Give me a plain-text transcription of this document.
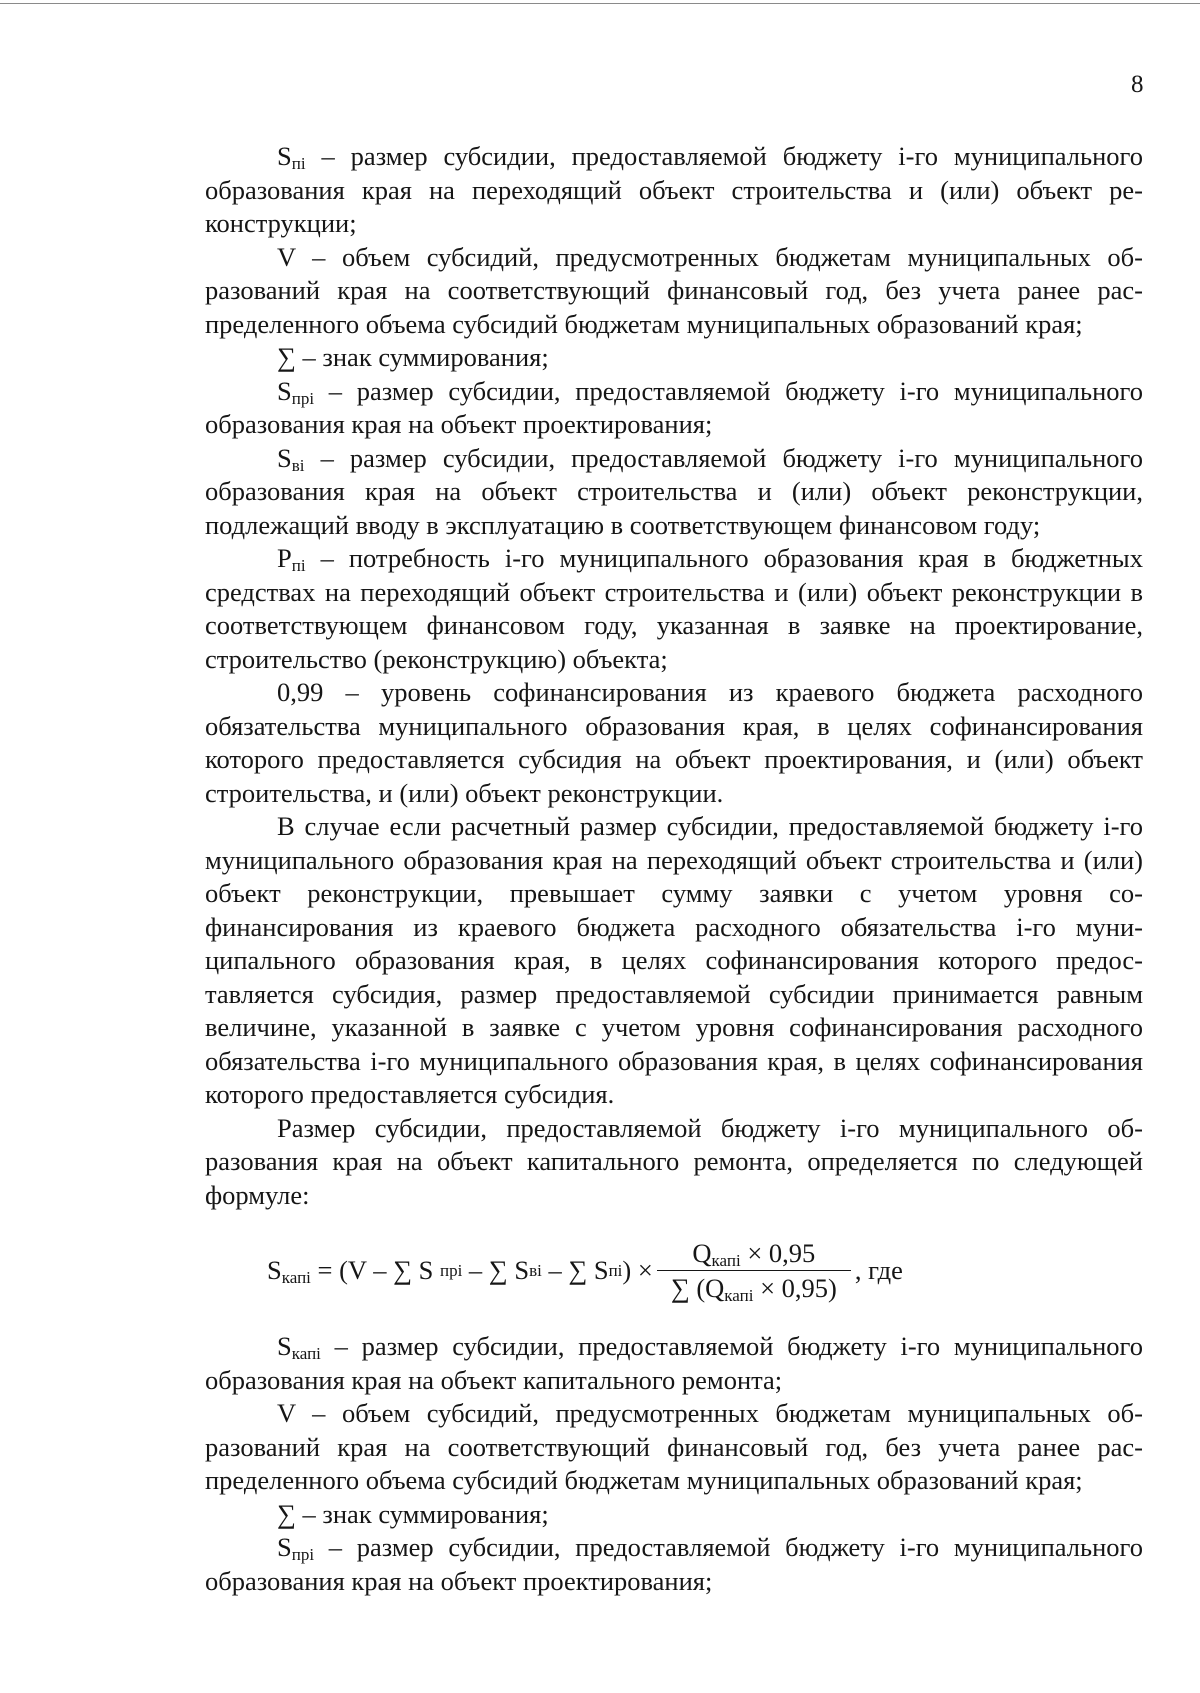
8

$S_{пi}$ – размер субсидии, предоставляемой бюджету i-го муниципального образования края на переходящий объект строительства и (или) объект реконструкции;

V – объем субсидий, предусмотренных бюджетам муниципальных образований края на соответствующий финансовый год, без учета ранее распределенного объема субсидий бюджетам муниципальных образований края;

∑ – знак суммирования;

$S_{прi}$ – размер субсидии, предоставляемой бюджету i-го муниципального образования края на объект проектирования;

$S_{вi}$ – размер субсидии, предоставляемой бюджету i-го муниципального образования края на объект строительства и (или) объект реконструкции, подлежащий вводу в эксплуатацию в соответствующем финансовом году;

$P_{пi}$ – потребность i-го муниципального образования края в бюджетных средствах на переходящий объект строительства и (или) объект реконструкции в соответствующем финансовом году, указанная в заявке на проектирование, строительство (реконструкцию) объекта;

0,99 – уровень софинансирования из краевого бюджета расходного обязательства муниципального образования края, в целях софинансирования которого предоставляется субсидия на объект проектирования, и (или) объект строительства, и (или) объект реконструкции.

В случае если расчетный размер субсидии, предоставляемой бюджету i-го муниципального образования края на переходящий объект строительства и (или) объект реконструкции, превышает сумму заявки с учетом уровня софинансирования из краевого бюджета расходного обязательства i-го муниципального образования края, в целях софинансирования которого предоставляется субсидия, размер предоставляемой субсидии принимается равным величине, указанной в заявке с учетом уровня софинансирования расходного обязательства i-го муниципального образования края, в целях софинансирования которого предоставляется субсидия.

Размер субсидии, предоставляемой бюджету i-го муниципального образования края на объект капитального ремонта, определяется по следующей формуле:

$S_{капi} = (V$ – ∑ S прi – ∑ S вi – ∑ S пi ) × $\frac{Q_{капi} \times 0,95}{\sum (Q_{капi} \times 0,95)}$ , где

$S_{капi}$ – размер субсидии, предоставляемой бюджету i-го муниципального образования края на объект капитального ремонта;

V – объем субсидий, предусмотренных бюджетам муниципальных образований края на соответствующий финансовый год, без учета ранее распределенного объема субсидий бюджетам муниципальных образований края;

∑ – знак суммирования;

$S_{прi}$ – размер субсидии, предоставляемой бюджету i-го муниципального образования края на объект проектирования;
